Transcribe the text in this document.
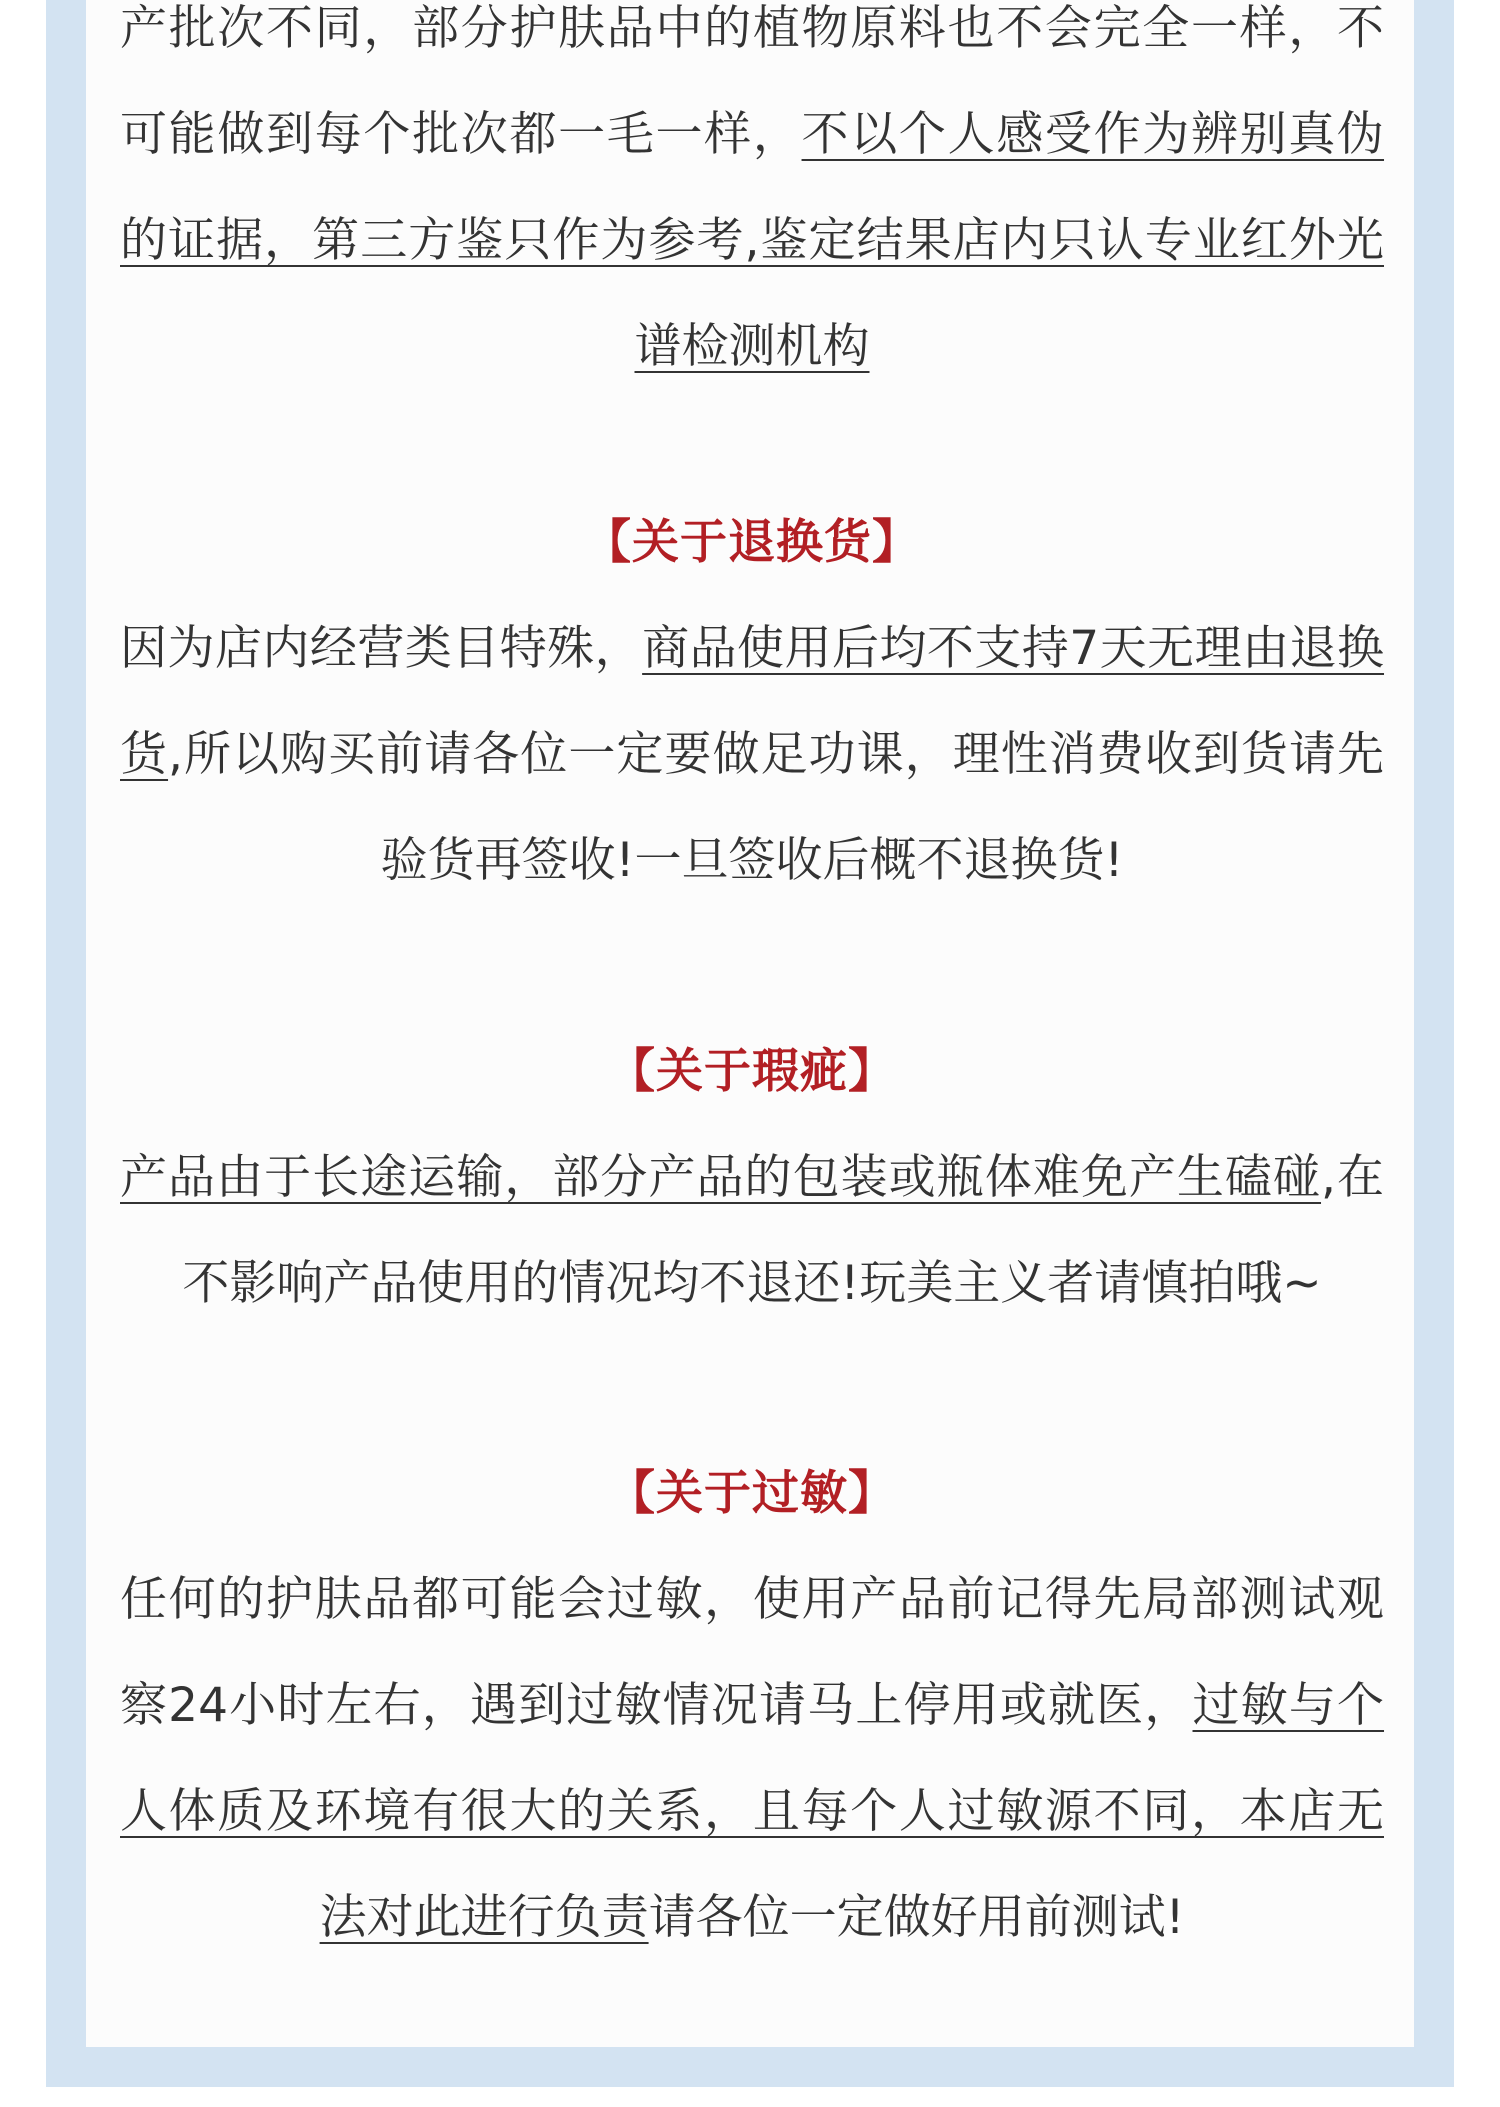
产批次不同，部分护肤品中的植物原料也不会完全一样，不可能做到每个批次都一毛一样，不以个人感受作为辨别真伪的证据，第三方鉴只作为参考,鉴定结果店内只认专业红外光谱检测机构

【关于退换货】

因为店内经营类目特殊，商品使用后均不支持7天无理由退换货,所以购买前请各位一定要做足功课，理性消费收到货请先验货再签收!一旦签收后概不退换货!

【关于瑕疵】

产品由于长途运输，部分产品的包装或瓶体难免产生磕碰,在不影响产品使用的情况均不退还!玩美主义者请慎拍哦~

【关于过敏】

任何的护肤品都可能会过敏，使用产品前记得先局部测试观察24小时左右，遇到过敏情况请马上停用或就医，过敏与个人体质及环境有很大的关系，且每个人过敏源不同，本店无法对此进行负责请各位一定做好用前测试!
